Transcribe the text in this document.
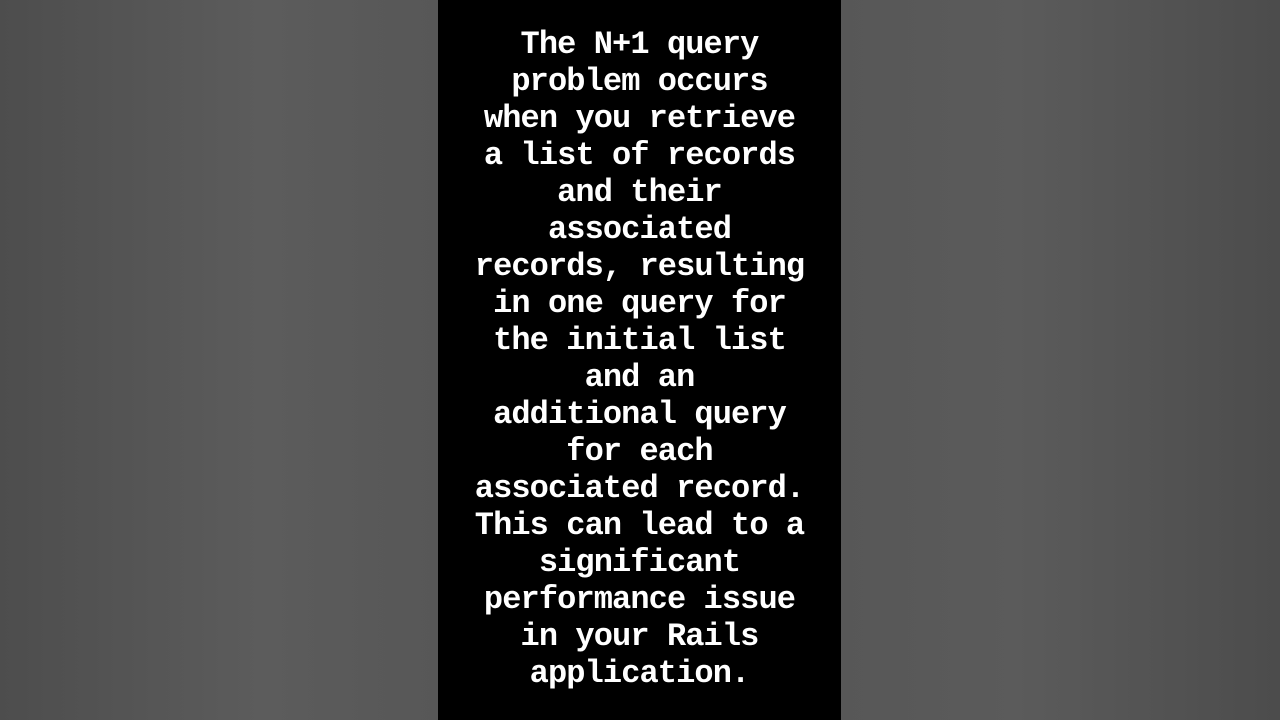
The N+1 query
problem occurs
when you retrieve
a list of records
and their
associated
records, resulting
in one query for
the initial list
and an
additional query
for each
associated record.
This can lead to a
significant
performance issue
in your Rails
application.
